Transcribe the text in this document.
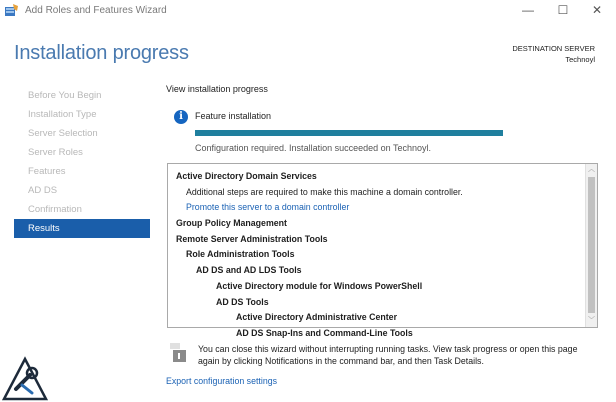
Add Roles and Features Wizard	—	☐	✕
Installation progress	DESTINATION SERVER
Technoyl
Before You Begin
Installation Type
Server Selection
Server Roles
Features
AD DS
Confirmation
Results
View installation progress
i	Feature installation
Configuration required. Installation succeeded on Technoyl.
Active Directory Domain Services
Additional steps are required to make this machine a domain controller.
Promote this server to a domain controller
Group Policy Management
Remote Server Administration Tools
Role Administration Tools
AD DS and AD LDS Tools
Active Directory module for Windows PowerShell
AD DS Tools
Active Directory Administrative Center
AD DS Snap-Ins and Command-Line Tools
︿
﹀
You can close this wizard without interrupting running tasks. View task progress or open this page again by clicking Notifications in the command bar, and then Task Details.
Export configuration settings
